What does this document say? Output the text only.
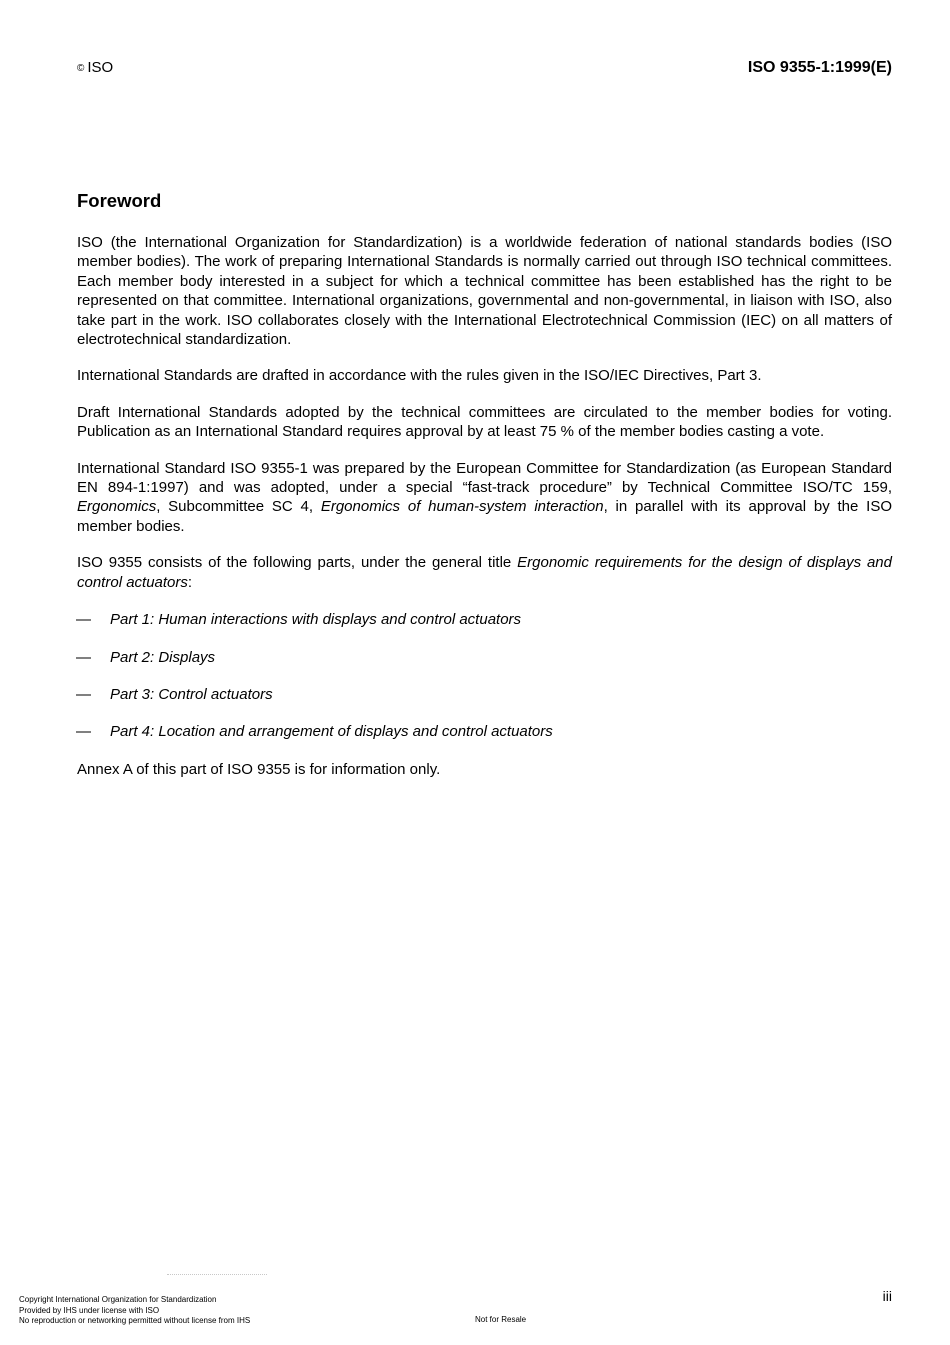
© ISO	ISO 9355-1:1999(E)
Foreword

ISO (the International Organization for Standardization) is a worldwide federation of national standards bodies (ISO member bodies). The work of preparing International Standards is normally carried out through ISO technical committees. Each member body interested in a subject for which a technical committee has been established has the right to be represented on that committee. International organizations, governmental and non-governmental, in liaison with ISO, also take part in the work. ISO collaborates closely with the International Electrotechnical Commission (IEC) on all matters of electrotechnical standardization.

International Standards are drafted in accordance with the rules given in the ISO/IEC Directives, Part 3.

Draft International Standards adopted by the technical committees are circulated to the member bodies for voting. Publication as an International Standard requires approval by at least 75 % of the member bodies casting a vote.

International Standard ISO 9355-1 was prepared by the European Committee for Standardization (as European Standard EN 894-1:1997) and was adopted, under a special “fast-track procedure” by Technical Committee ISO/TC 159, Ergonomics, Subcommittee SC 4, Ergonomics of human-system interaction, in parallel with its approval by the ISO member bodies.

ISO 9355 consists of the following parts, under the general title Ergonomic requirements for the design of displays and control actuators:

— Part 1: Human interactions with displays and control actuators
— Part 2: Displays
— Part 3: Control actuators
— Part 4: Location and arrangement of displays and control actuators

Annex A of this part of ISO 9355 is for information only.

iii
Copyright International Organization for Standardization
Provided by IHS under license with ISO
No reproduction or networking permitted without license from IHS	Not for Resale
